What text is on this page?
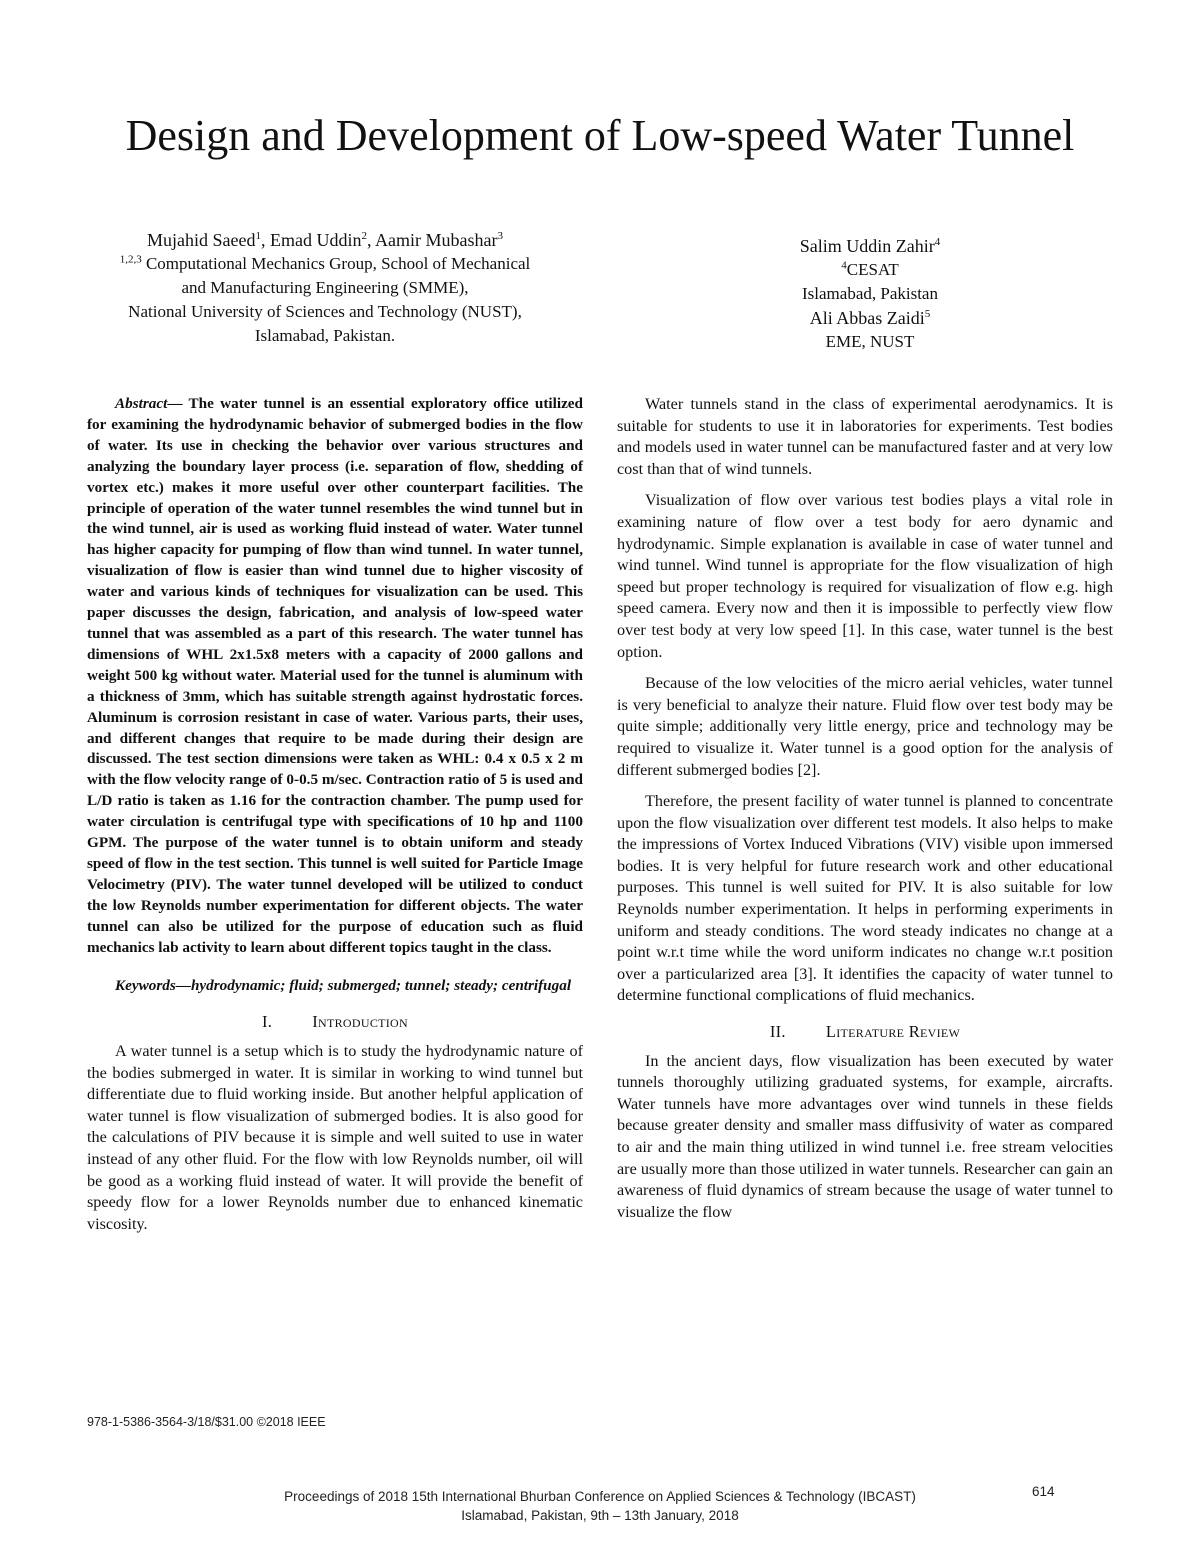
Design and Development of Low-speed Water Tunnel
Mujahid Saeed$^1$, Emad Uddin$^2$, Aamir Mubashar$^3$
$^{1,2,3}$ Computational Mechanics Group, School of Mechanical
and Manufacturing Engineering (SMME),
National University of Sciences and Technology (NUST),
Islamabad, Pakistan.
Salim Uddin Zahir$^4$
$^4$CESAT
Islamabad, Pakistan
Ali Abbas Zaidi$^5$
EME, NUST

Abstract— The water tunnel is an essential exploratory office utilized for examining the hydrodynamic behavior of submerged bodies in the flow of water. Its use in checking the behavior over various structures and analyzing the boundary layer process (i.e. separation of flow, shedding of vortex etc.) makes it more useful over other counterpart facilities. The principle of operation of the water tunnel resembles the wind tunnel but in the wind tunnel, air is used as working fluid instead of water. Water tunnel has higher capacity for pumping of flow than wind tunnel. In water tunnel, visualization of flow is easier than wind tunnel due to higher viscosity of water and various kinds of techniques for visualization can be used. This paper discusses the design, fabrication, and analysis of low-speed water tunnel that was assembled as a part of this research. The water tunnel has dimensions of WHL 2x1.5x8 meters with a capacity of 2000 gallons and weight 500 kg without water. Material used for the tunnel is aluminum with a thickness of 3mm, which has suitable strength against hydrostatic forces. Aluminum is corrosion resistant in case of water. Various parts, their uses, and different changes that require to be made during their design are discussed. The test section dimensions were taken as WHL: 0.4 x 0.5 x 2 m with the flow velocity range of 0-0.5 m/sec. Contraction ratio of 5 is used and L/D ratio is taken as 1.16 for the contraction chamber. The pump used for water circulation is centrifugal type with specifications of 10 hp and 1100 GPM. The purpose of the water tunnel is to obtain uniform and steady speed of flow in the test section. This tunnel is well suited for Particle Image Velocimetry (PIV). The water tunnel developed will be utilized to conduct the low Reynolds number experimentation for different objects. The water tunnel can also be utilized for the purpose of education such as fluid mechanics lab activity to learn about different topics taught in the class.

Keywords—hydrodynamic; fluid; submerged; tunnel; steady; centrifugal

I. Introduction

A water tunnel is a setup which is to study the hydrodynamic nature of the bodies submerged in water. It is similar in working to wind tunnel but differentiate due to fluid working inside. But another helpful application of water tunnel is flow visualization of submerged bodies. It is also good for the calculations of PIV because it is simple and well suited to use in water instead of any other fluid. For the flow with low Reynolds number, oil will be good as a working fluid instead of water. It will provide the benefit of speedy flow for a lower Reynolds number due to enhanced kinematic viscosity.

Water tunnels stand in the class of experimental aerodynamics. It is suitable for students to use it in laboratories for experiments. Test bodies and models used in water tunnel can be manufactured faster and at very low cost than that of wind tunnels.

Visualization of flow over various test bodies plays a vital role in examining nature of flow over a test body for aero dynamic and hydrodynamic. Simple explanation is available in case of water tunnel and wind tunnel. Wind tunnel is appropriate for the flow visualization of high speed but proper technology is required for visualization of flow e.g. high speed camera. Every now and then it is impossible to perfectly view flow over test body at very low speed [1]. In this case, water tunnel is the best option.

Because of the low velocities of the micro aerial vehicles, water tunnel is very beneficial to analyze their nature. Fluid flow over test body may be quite simple; additionally very little energy, price and technology may be required to visualize it. Water tunnel is a good option for the analysis of different submerged bodies [2].

Therefore, the present facility of water tunnel is planned to concentrate upon the flow visualization over different test models. It also helps to make the impressions of Vortex Induced Vibrations (VIV) visible upon immersed bodies. It is very helpful for future research work and other educational purposes. This tunnel is well suited for PIV. It is also suitable for low Reynolds number experimentation. It helps in performing experiments in uniform and steady conditions. The word steady indicates no change at a point w.r.t time while the word uniform indicates no change w.r.t position over a particularized area [3]. It identifies the capacity of water tunnel to determine functional complications of fluid mechanics.

II. Literature Review

In the ancient days, flow visualization has been executed by water tunnels thoroughly utilizing graduated systems, for example, aircrafts. Water tunnels have more advantages over wind tunnels in these fields because greater density and smaller mass diffusivity of water as compared to air and the main thing utilized in wind tunnel i.e. free stream velocities are usually more than those utilized in water tunnels. Researcher can gain an awareness of fluid dynamics of stream because the usage of water tunnel to visualize the flow

978-1-5386-3564-3/18/$31.00 ©2018 IEEE
Proceedings of 2018 15th International Bhurban Conference on Applied Sciences & Technology (IBCAST)
Islamabad, Pakistan, 9th – 13th January, 2018
614
